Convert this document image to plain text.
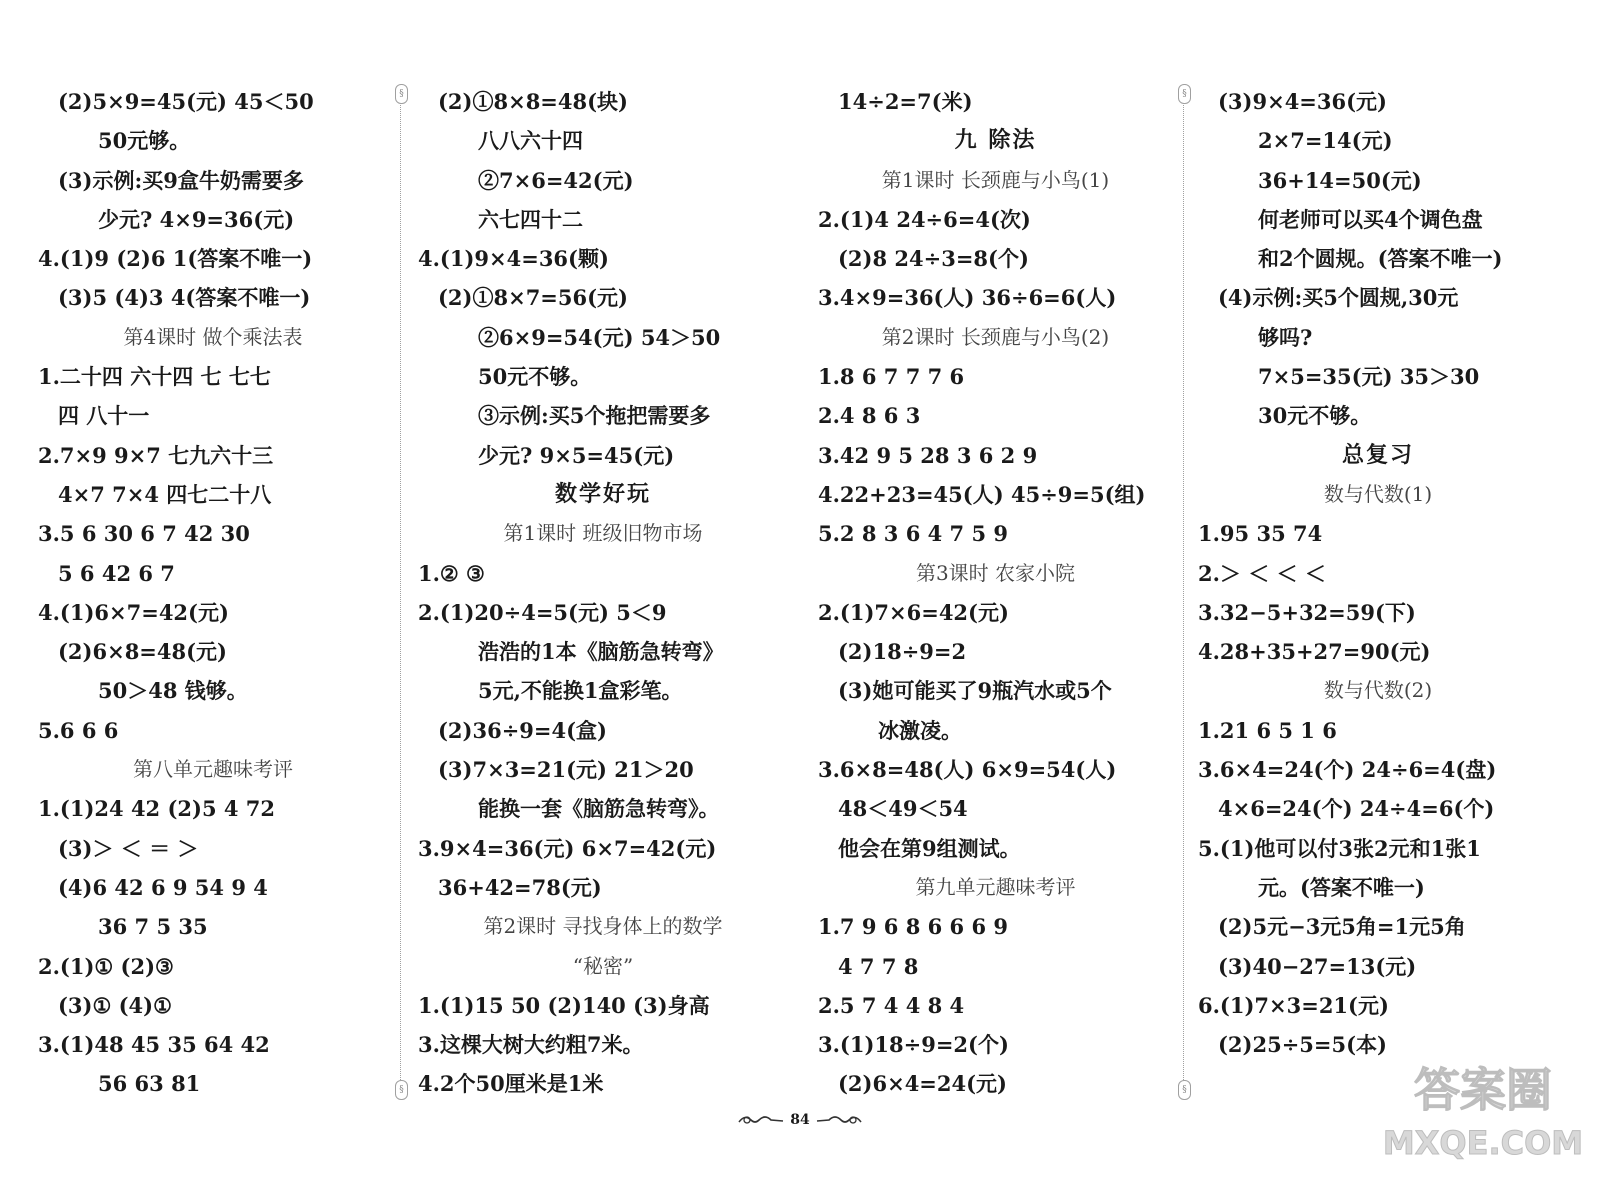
(2)5×9=45(元) 45＜50
50元够。
(3)示例:买9盒牛奶需要多
少元? 4×9=36(元)
4.(1)9 (2)6 1(答案不唯一)
(3)5 (4)3 4(答案不唯一)
第4课时 做个乘法表
1.二十四 六十四 七 七七
四 八十一
2.7×9 9×7 七九六十三
4×7 7×4 四七二十八
3.5 6 30 6 7 42 30
5 6 42 6 7
4.(1)6×7=42(元)
(2)6×8=48(元)
50＞48 钱够。
5.6 6 6
第八单元趣味考评
1.(1)24 42 (2)5 4 72
(3)＞ ＜ ＝ ＞
(4)6 42 6 9 54 9 4
36 7 5 35
2.(1)① (2)③
(3)① (4)①
3.(1)48 45 35 64 42
56 63 81
(2)①8×8=48(块)
八八六十四
②7×6=42(元)
六七四十二
4.(1)9×4=36(颗)
(2)①8×7=56(元)
②6×9=54(元) 54＞50
50元不够。
③示例:买5个拖把需要多
少元? 9×5=45(元)
数学好玩
第1课时 班级旧物市场
1.② ③
2.(1)20÷4=5(元) 5＜9
浩浩的1本《脑筋急转弯》
5元,不能换1盒彩笔。
(2)36÷9=4(盒)
(3)7×3=21(元) 21＞20
能换一套《脑筋急转弯》。
3.9×4=36(元) 6×7=42(元)
36+42=78(元)
第2课时 寻找身体上的数学
“秘密”
1.(1)15 50 (2)140 (3)身高
3.这棵大树大约粗7米。
4.2个50厘米是1米
14÷2=7(米)
九 除法
第1课时 长颈鹿与小鸟(1)
2.(1)4 24÷6=4(次)
(2)8 24÷3=8(个)
3.4×9=36(人) 36÷6=6(人)
第2课时 长颈鹿与小鸟(2)
1.8 6 7 7 7 6
2.4 8 6 3
3.42 9 5 28 3 6 2 9
4.22+23=45(人) 45÷9=5(组)
5.2 8 3 6 4 7 5 9
第3课时 农家小院
2.(1)7×6=42(元)
(2)18÷9=2
(3)她可能买了9瓶汽水或5个
冰激凌。
3.6×8=48(人) 6×9=54(人)
48＜49＜54
他会在第9组测试。
第九单元趣味考评
1.7 9 6 8 6 6 6 9
4 7 7 8
2.5 7 4 4 8 4
3.(1)18÷9=2(个)
(2)6×4=24(元)
(3)9×4=36(元)
2×7=14(元)
36+14=50(元)
何老师可以买4个调色盘
和2个圆规。(答案不唯一)
(4)示例:买5个圆规,30元
够吗?
7×5=35(元) 35＞30
30元不够。
总复习
数与代数(1)
1.95 35 74
2.＞ ＜ ＜ ＜
3.32−5+32=59(下)
4.28+35+27=90(元)
数与代数(2)
1.21 6 5 1 6
3.6×4=24(个) 24÷6=4(盘)
4×6=24(个) 24÷4=6(个)
5.(1)他可以付3张2元和1张1
元。(答案不唯一)
(2)5元−3元5角=1元5角
(3)40−27=13(元)
6.(1)7×3=21(元)
(2)25÷5=5(本)
§
§
§
§
84
答案圈
MXQE.COM
